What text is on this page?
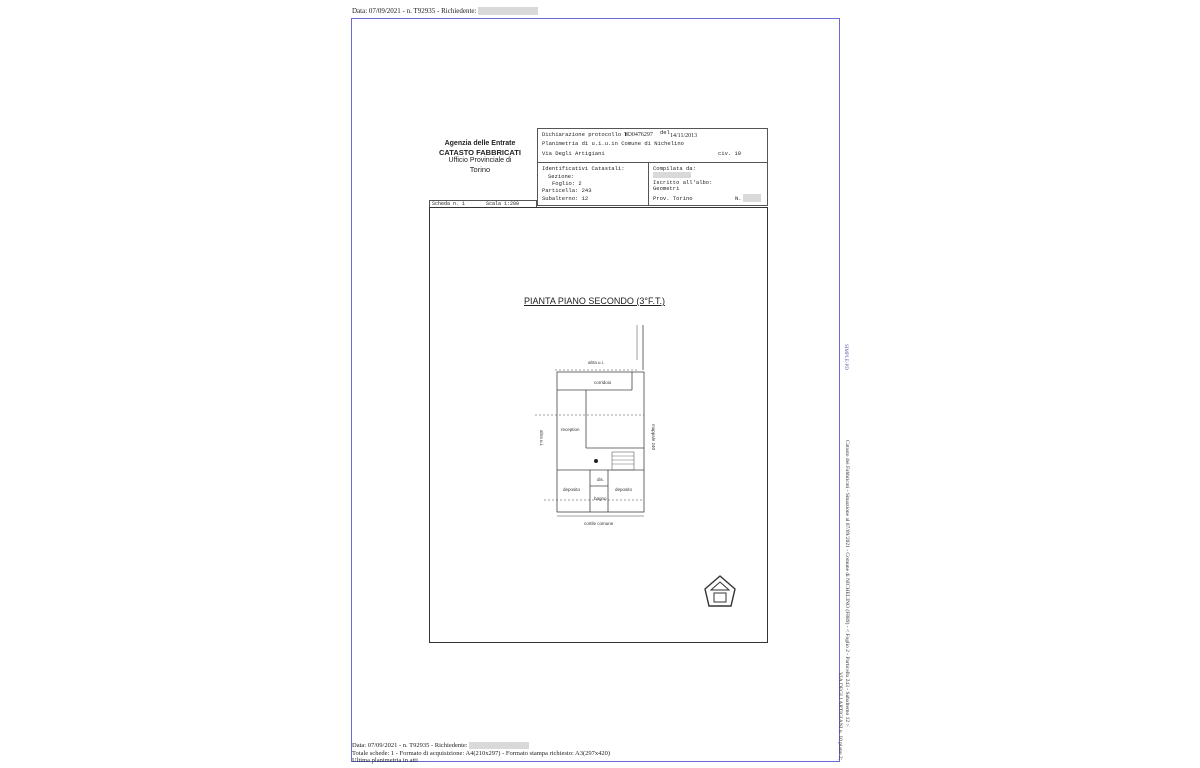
Data: 07/09/2021 - n. T92935 - Richiedente:
Agenzia delle Entrate
CATASTO FABBRICATI
Ufficio Provinciale di
Torino
Dichiarazione protocollo n.
TO0476297 del 14/11/2013
Planimetria di u.i.u.in Comune di Nichelino
Via Degli Artigiani	civ. 10
Identificativi Catastali:
Sezione:
Foglio: 2
Particella: 243
Subalterno: 12
Compilata da:
Iscritto all'albo:
Geometri
Prov. Torino	N.
Scheda n. 1	Scala 1:200
PIANTA PIANO SECONDO (3°F.T.)
altra u.i.
corridoio
reception
deposito	deposito
dis.
bagno
cortile comune
altra u.i.	mappale 240
Catasto dei Fabbricati - Situazione al 07/09/2021 - Comune di NICHELINO (F889) - < Foglio 2 - Particella 243 - Subalterno 12 >
VIA DEGLI ARTIGIANI n. 10 piano 2;
SIMPLE-PD
Data: 07/09/2021 - n. T92935 - Richiedente:
Totale schede: 1 - Formato di acquisizione: A4(210x297) - Formato stampa richiesto: A3(297x420)
Ultima planimetria in atti
